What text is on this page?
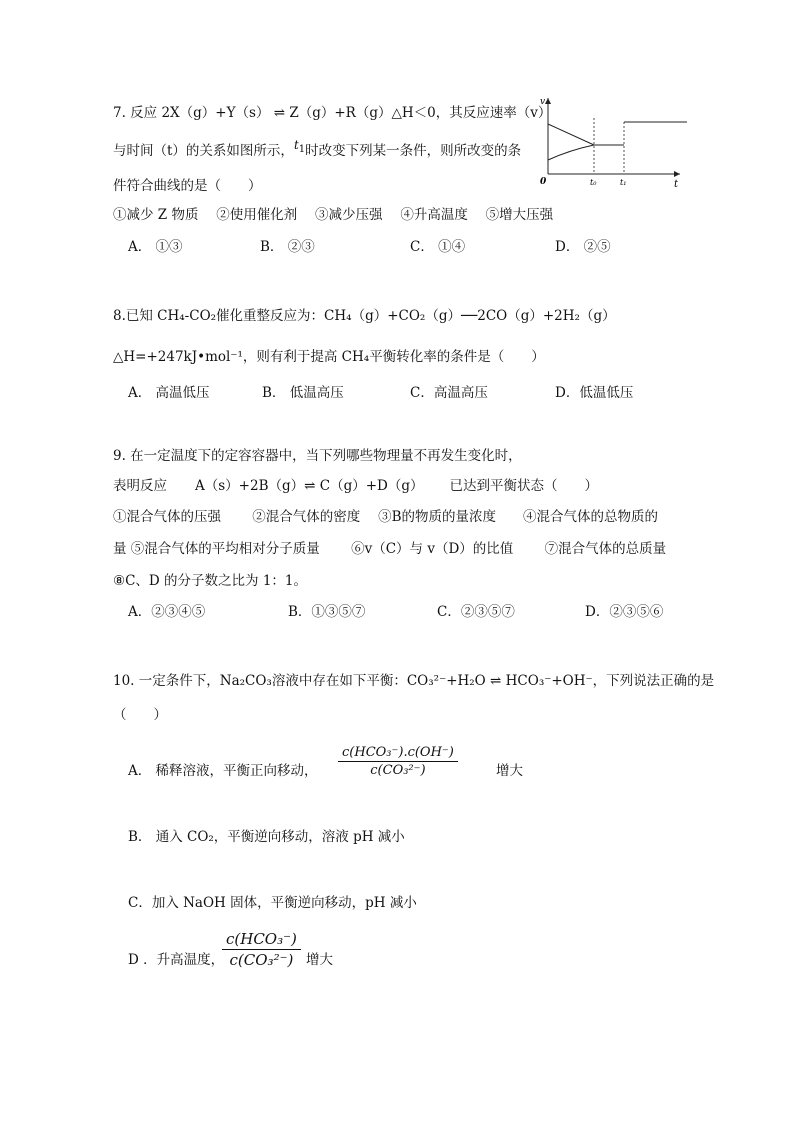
7. 反应 2X（g）+Y（s） ⇌ Z（g）+R（g）△H＜0，其反应速率（v）
与时间（t）的关系如图所示，$t^1$时改变下列某一条件，则所改变的条
件符合曲线的是（　　）
①减少 Z 物质　 ②使用催化剂　 ③减少压强　 ④升高温度　 ⑤增大压强
A． ①③	B． ②③	C． ①④	D． ②⑤
v
t
0	t₀	t₁
8.已知 CH₄-CO₂催化重整反应为：CH₄（g）+CO₂（g）──2CO（g）+2H₂（g）
△H=+247kJ•mol⁻¹，则有利于提高 CH₄平衡转化率的条件是（　　）
A． 高温低压	B． 低温高压	C．高温高压	D．低温低压
9. 在一定温度下的定容容器中，当下列哪些物理量不再发生变化时，
表明反应 A（s）+2B（g）⇌ C（g）+D（g） 已达到平衡状态（　　）
①混合气体的压强　　 ②混合气体的密度　 ③B的物质的量浓度　　④混合气体的总物质的
量 ⑤混合气体的平均相对分子质量　　 ⑥v（C）与 v（D）的比值　　 ⑦混合气体的总质量
⑧C、D 的分子数之比为 1：1。
A．②③④⑤	B．①③⑤⑦	C．②③⑤⑦	D．②③⑤⑥
10. 一定条件下，Na₂CO₃溶液中存在如下平衡：CO₃²⁻+H₂O ⇌ HCO₃⁻+OH⁻，下列说法正确的是
（　　）
A． 稀释溶液，平衡正向移动，
c(HCO₃⁻).c(OH⁻)
c(CO₃²⁻)	增大
B． 通入 CO₂，平衡逆向移动，溶液 pH 减小
C．加入 NaOH 固体，平衡逆向移动，pH 减小
D ．升高温度，
c(HCO₃⁻)
c(CO₃²⁻) 增大
